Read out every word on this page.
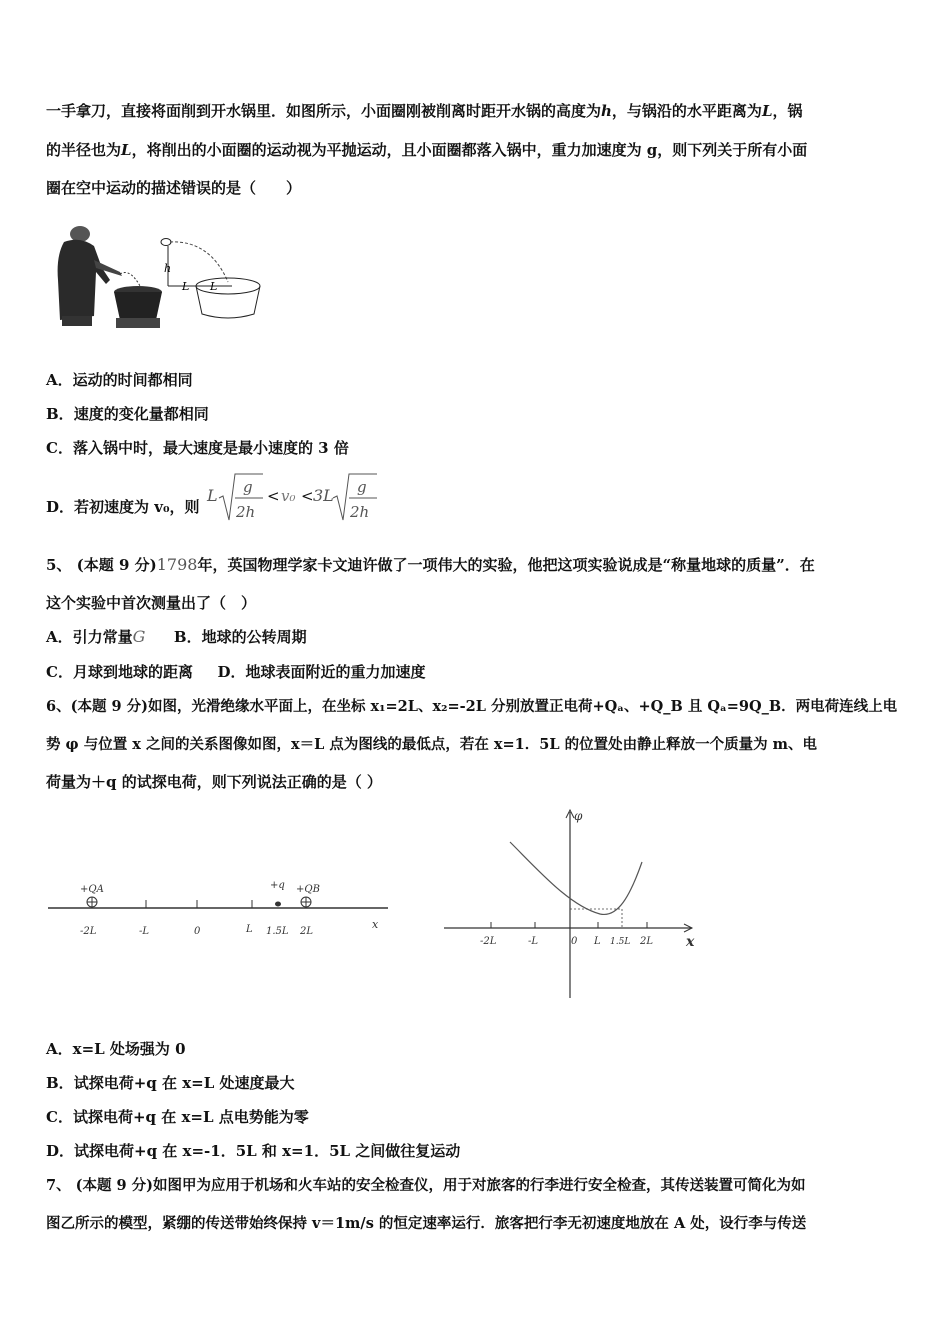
一手拿刀，直接将面削到开水锅里．如图所示，小面圈刚被削离时距开水锅的高度为h，与锅沿的水平距离为L，锅
的半径也为L，将削出的小面圈的运动视为平抛运动，且小面圈都落入锅中，重力加速度为 g，则下列关于所有小面
圈在空中运动的描述错误的是（　　）
h
L L
A．运动的时间都相同
B．速度的变化量都相同
C．落入锅中时，最大速度是最小速度的 3 倍
D．若初速度为 v₀，则
L g
2h
< v₀ < 3L g
2h
5、 (本题 9 分)1798年，英国物理学家卡文迪许做了一项伟大的实验，他把这项实验说成是“称量地球的质量”．在
这个实验中首次测量出了（　）
A．引力常量G B．地球的公转周期
C．月球到地球的距离 D．地球表面附近的重力加速度
6、(本题 9 分)如图，光滑绝缘水平面上，在坐标 x₁=2L、x₂=-2L 分别放置正电荷+Qₐ、+Q_B 且 Qₐ=9Q_B．两电荷连线上电
势 φ 与位置 x 之间的关系图像如图，x＝L 点为图线的最低点，若在 x=1．5L 的位置处由静止释放一个质量为 m、电
荷量为＋q 的试探电荷，则下列说法正确的是（ ）
+QA	+q +QB
-2L	-L	0	L 1.5L 2L
x
φ
x
-2L	-L	0 L 1.5L 2L
A．x=L 处场强为 0
B．试探电荷+q 在 x=L 处速度最大
C．试探电荷+q 在 x=L 点电势能为零
D．试探电荷+q 在 x=-1．5L 和 x=1．5L 之间做往复运动
7、 (本题 9 分)如图甲为应用于机场和火车站的安全检查仪，用于对旅客的行李进行安全检查，其传送装置可简化为如
图乙所示的模型，紧绷的传送带始终保持 v＝1m/s 的恒定速率运行．旅客把行李无初速度地放在 A 处，设行李与传送
